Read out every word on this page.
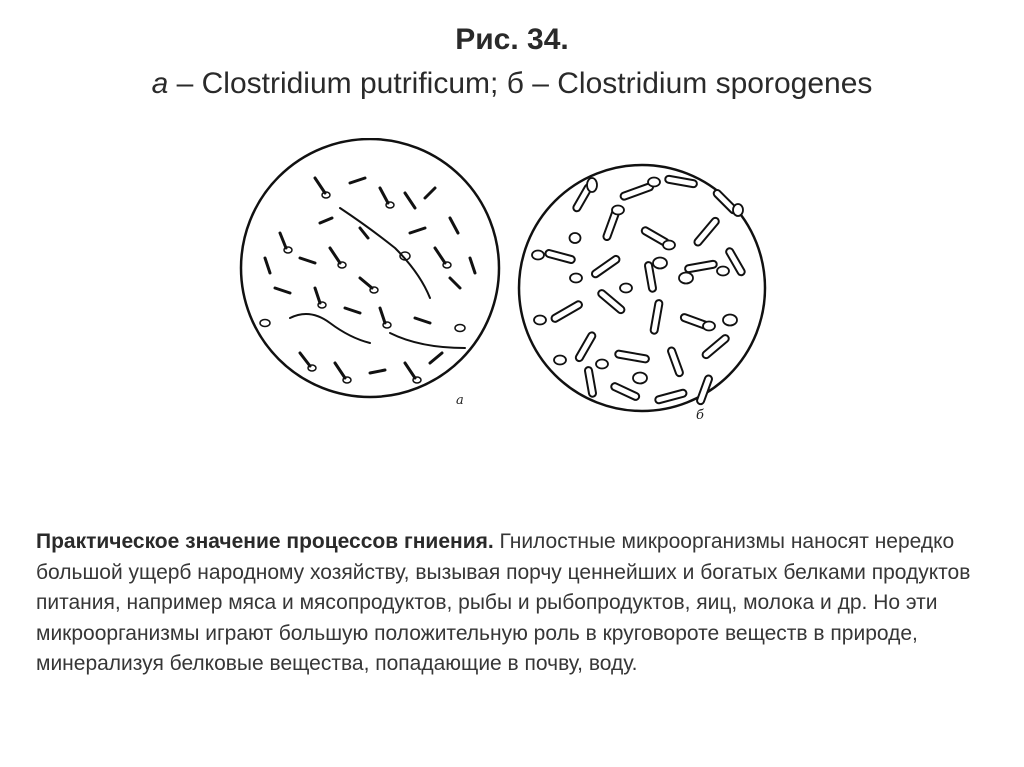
Рис. 34.
а – Clostridium putrificum; б – Clostridium sporogenes
а
б
Практическое значение процессов гниения. Гнилостные микроорганизмы наносят нередко большой ущерб народному хозяйству, вызывая порчу ценнейших и богатых белками продуктов питания, например мяса и мясопродуктов, рыбы и рыбопродуктов, яиц, молока и др. Но эти микроорганизмы играют большую положительную роль в круговороте веществ в природе, минерализуя белковые вещества, попадающие в почву, воду.
